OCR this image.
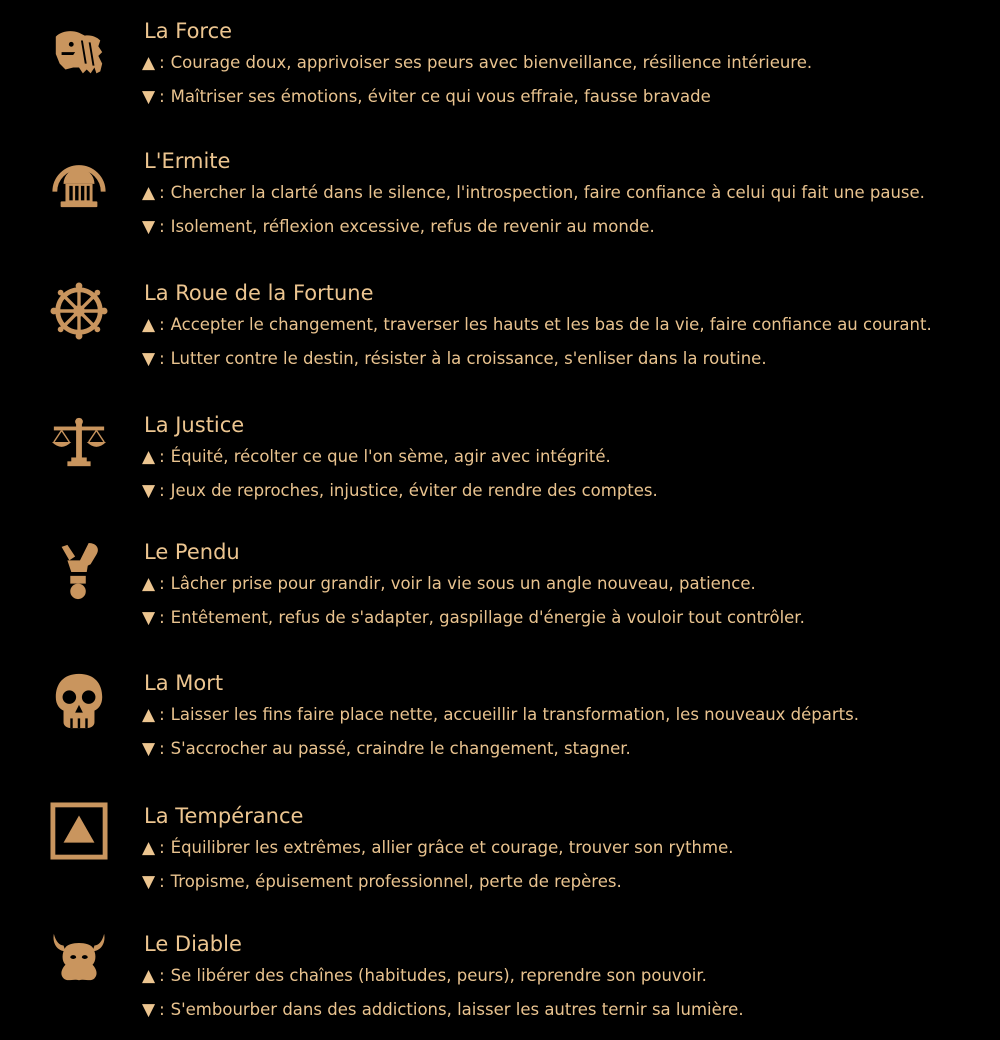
La Force
▲ : Courage doux, apprivoiser ses peurs avec bienveillance, résilience intérieure.
▼ : Maîtriser ses émotions, éviter ce qui vous effraie, fausse bravade
L'Ermite
▲ : Chercher la clarté dans le silence, l'introspection, faire confiance à celui qui fait une pause.
▼ : Isolement, réflexion excessive, refus de revenir au monde.
La Roue de la Fortune
▲ : Accepter le changement, traverser les hauts et les bas de la vie, faire confiance au courant.
▼ : Lutter contre le destin, résister à la croissance, s'enliser dans la routine.
La Justice
▲ : Équité, récolter ce que l'on sème, agir avec intégrité.
▼ : Jeux de reproches, injustice, éviter de rendre des comptes.
Le Pendu
▲ : Lâcher prise pour grandir, voir la vie sous un angle nouveau, patience.
▼ : Entêtement, refus de s'adapter, gaspillage d'énergie à vouloir tout contrôler.
La Mort
▲ : Laisser les fins faire place nette, accueillir la transformation, les nouveaux départs.
▼ : S'accrocher au passé, craindre le changement, stagner.
La Tempérance
▲ : Équilibrer les extrêmes, allier grâce et courage, trouver son rythme.
▼ : Tropisme, épuisement professionnel, perte de repères.
Le Diable
▲ : Se libérer des chaînes (habitudes, peurs), reprendre son pouvoir.
▼ : S'embourber dans des addictions, laisser les autres ternir sa lumière.
